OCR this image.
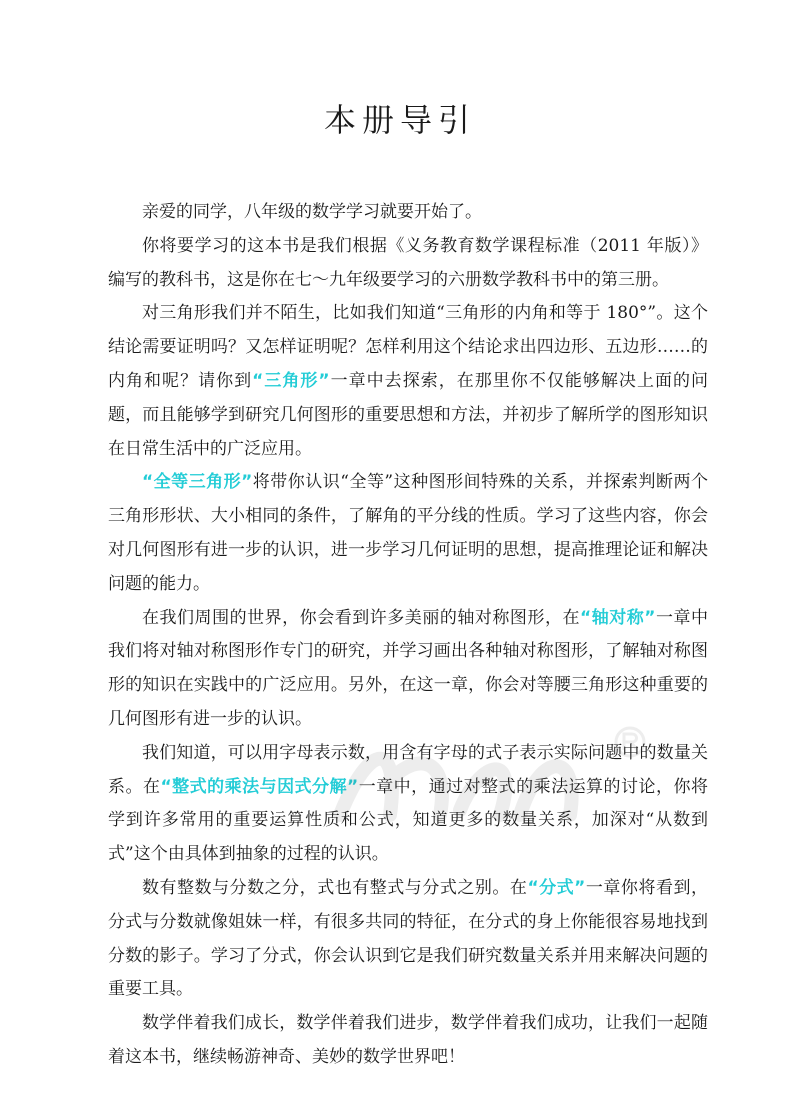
本册导引

亲爱的同学，八年级的数学学习就要开始了。

你将要学习的这本书是我们根据《义务教育数学课程标准（2011 年版）》编写的教科书，这是你在七～九年级要学习的六册数学教科书中的第三册。

对三角形我们并不陌生，比如我们知道“三角形的内角和等于 180°”。这个结论需要证明吗？又怎样证明呢？怎样利用这个结论求出四边形、五边形……的内角和呢？请你到“三角形”一章中去探索，在那里你不仅能够解决上面的问题，而且能够学到研究几何图形的重要思想和方法，并初步了解所学的图形知识在日常生活中的广泛应用。

“全等三角形”将带你认识“全等”这种图形间特殊的关系，并探索判断两个三角形形状、大小相同的条件，了解角的平分线的性质。学习了这些内容，你会对几何图形有进一步的认识，进一步学习几何证明的思想，提高推理论证和解决问题的能力。

在我们周围的世界，你会看到许多美丽的轴对称图形，在“轴对称”一章中我们将对轴对称图形作专门的研究，并学习画出各种轴对称图形，了解轴对称图形的知识在实践中的广泛应用。另外，在这一章，你会对等腰三角形这种重要的几何图形有进一步的认识。

我们知道，可以用字母表示数，用含有字母的式子表示实际问题中的数量关系。在“整式的乘法与因式分解”一章中，通过对整式的乘法运算的讨论，你将学到许多常用的重要运算性质和公式，知道更多的数量关系，加深对“从数到式”这个由具体到抽象的过程的认识。

数有整数与分数之分，式也有整式与分式之别。在“分式”一章你将看到，分式与分数就像姐妹一样，有很多共同的特征，在分式的身上你能很容易地找到分数的影子。学习了分式，你会认识到它是我们研究数量关系并用来解决问题的重要工具。

数学伴着我们成长，数学伴着我们进步，数学伴着我们成功，让我们一起随着这本书，继续畅游神奇、美妙的数学世界吧！
